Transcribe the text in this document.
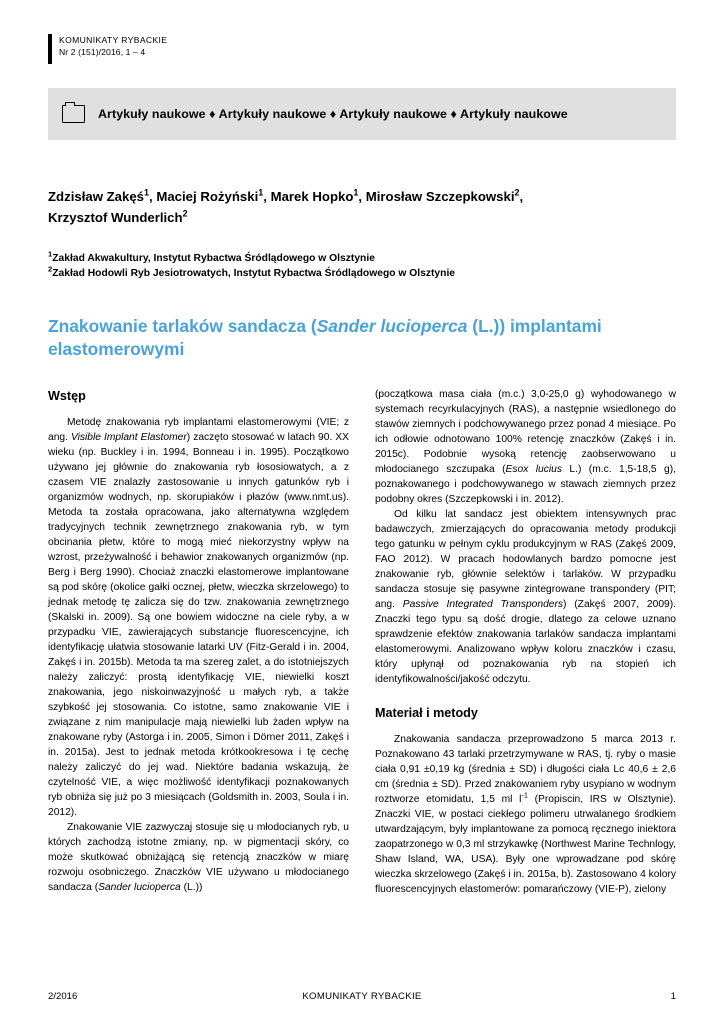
KOMUNIKATY RYBACKIE
Nr 2 (151)/2016, 1 – 4
Artykuły naukowe ♦ Artykuły naukowe ♦ Artykuły naukowe ♦ Artykuły naukowe
Zdzisław Zakęś$^1$, Maciej Rożyński$^1$, Marek Hopko$^1$, Mirosław Szczepkowski$^2$,
Krzysztof Wunderlich$^2$
$^1$Zakład Akwakultury, Instytut Rybactwa Śródlądowego w Olsztynie
$^2$Zakład Hodowli Ryb Jesiotrowatych, Instytut Rybactwa Śródlądowego w Olsztynie
Znakowanie tarlaków sandacza (Sander lucioperca (L.)) implantami elastomerowymi
Wstęp

Metodę znakowania ryb implantami elastomerowymi (VIE; z ang. Visible Implant Elastomer) zaczęto stosować w latach 90. XX wieku (np. Buckley i in. 1994, Bonneau i in. 1995). Początkowo używano jej głównie do znakowania ryb łososiowatych, a z czasem VIE znalazły zastosowanie u innych gatunków ryb i organizmów wodnych, np. skorupiaków i płazów (www.nmt.us). Metoda ta została opracowana, jako alternatywna względem tradycyjnych technik zewnętrznego znakowania ryb, w tym obcinania płetw, które to mogą mieć niekorzystny wpływ na wzrost, przeżywalność i behawior znakowanych organizmów (np. Berg i Berg 1990). Chociaż znaczki elastomerowe implantowane są pod skórę (okolice gałki ocznej, płetw, wieczka skrzelowego) to jednak metodę tę zalicza się do tzw. znakowania zewnętrznego (Skalski in. 2009). Są one bowiem widoczne na ciele ryby, a w przypadku VIE, zawierających substancje fluorescencyjne, ich identyfikację ułatwia stosowanie latarki UV (Fitz-Gerald i in. 2004, Zakęś i in. 2015b). Metoda ta ma szereg zalet, a do istotniejszych należy zaliczyć: prostą identyfikację VIE, niewielki koszt znakowania, jego niskoinwazyjność u małych ryb, a także szybkość jej stosowania. Co istotne, samo znakowanie VIE i związane z nim manipulacje mają niewielki lub żaden wpływ na znakowane ryby (Astorga i in. 2005, Simon i Dörner 2011, Zakęś i in. 2015a). Jest to jednak metoda krótkookresowa i tę cechę należy zaliczyć do jej wad. Niektóre badania wskazują, że czytelność VIE, a więc możliwość identyfikacji poznakowanych ryb obniża się już po 3 miesiącach (Goldsmith in. 2003, Soula i in. 2012).

Znakowanie VIE zazwyczaj stosuje się u młodocianych ryb, u których zachodzą istotne zmiany, np. w pigmentacji skóry, co może skutkować obniżającą się retencją znaczków w miarę rozwoju osobniczego. Znaczków VIE używano u młodocianego sandacza (Sander lucioperca (L.))

(początkowa masa ciała (m.c.) 3,0-25,0 g) wyhodowanego w systemach recyrkulacyjnych (RAS), a następnie wsiedlonego do stawów ziemnych i podchowywanego przez ponad 4 miesiące. Po ich odłowie odnotowano 100% retencję znaczków (Zakęś i in. 2015c). Podobnie wysoką retencję zaobserwowano u młodocianego szczupaka (Esox lucius L.) (m.c. 1,5-18,5 g), poznakowanego i podchowywanego w stawach ziemnych przez podobny okres (Szczepkowski i in. 2012).

Od kilku lat sandacz jest obiektem intensywnych prac badawczych, zmierzających do opracowania metody produkcji tego gatunku w pełnym cyklu produkcyjnym w RAS (Zakęś 2009, FAO 2012). W pracach hodowlanych bardzo pomocne jest znakowanie ryb, głównie selektów i tarlaków. W przypadku sandacza stosuje się pasywne zintegrowane transpondery (PIT; ang. Passive Integrated Transponders) (Zakęś 2007, 2009). Znaczki tego typu są dość drogie, dlatego za celowe uznano sprawdzenie efektów znakowania tarlaków sandacza implantami elastomerowymi. Analizowano wpływ koloru znaczków i czasu, który upłynął od poznakowania ryb na stopień ich identyfikowalności/jakość odczytu.

Materiał i metody

Znakowania sandacza przeprowadzono 5 marca 2013 r. Poznakowano 43 tarlaki przetrzymywane w RAS, tj. ryby o masie ciała 0,91 ±0,19 kg (średnia ± SD) i długości ciała Lc 40,6 ± 2,6 cm (średnia ± SD). Przed znakowaniem ryby usypiano w wodnym roztworze etomidatu, 1,5 ml $l^{-1}$ (Propiscin, IRS w Olsztynie). Znaczki VIE, w postaci ciekłego polimeru utrwalanego środkiem utwardzającym, były implantowane za pomocą ręcznego iniektora zaopatrzonego w 0,3 ml strzykawkę (Northwest Marine Technlogy, Shaw Island, WA, USA). Były one wprowadzane pod skórę wieczka skrzelowego (Zakęś i in. 2015a, b). Zastosowano 4 kolory fluorescencyjnych elastomerów: pomarańczowy (VIE-P), zielony

2/2016	KOMUNIKATY RYBACKIE	1
